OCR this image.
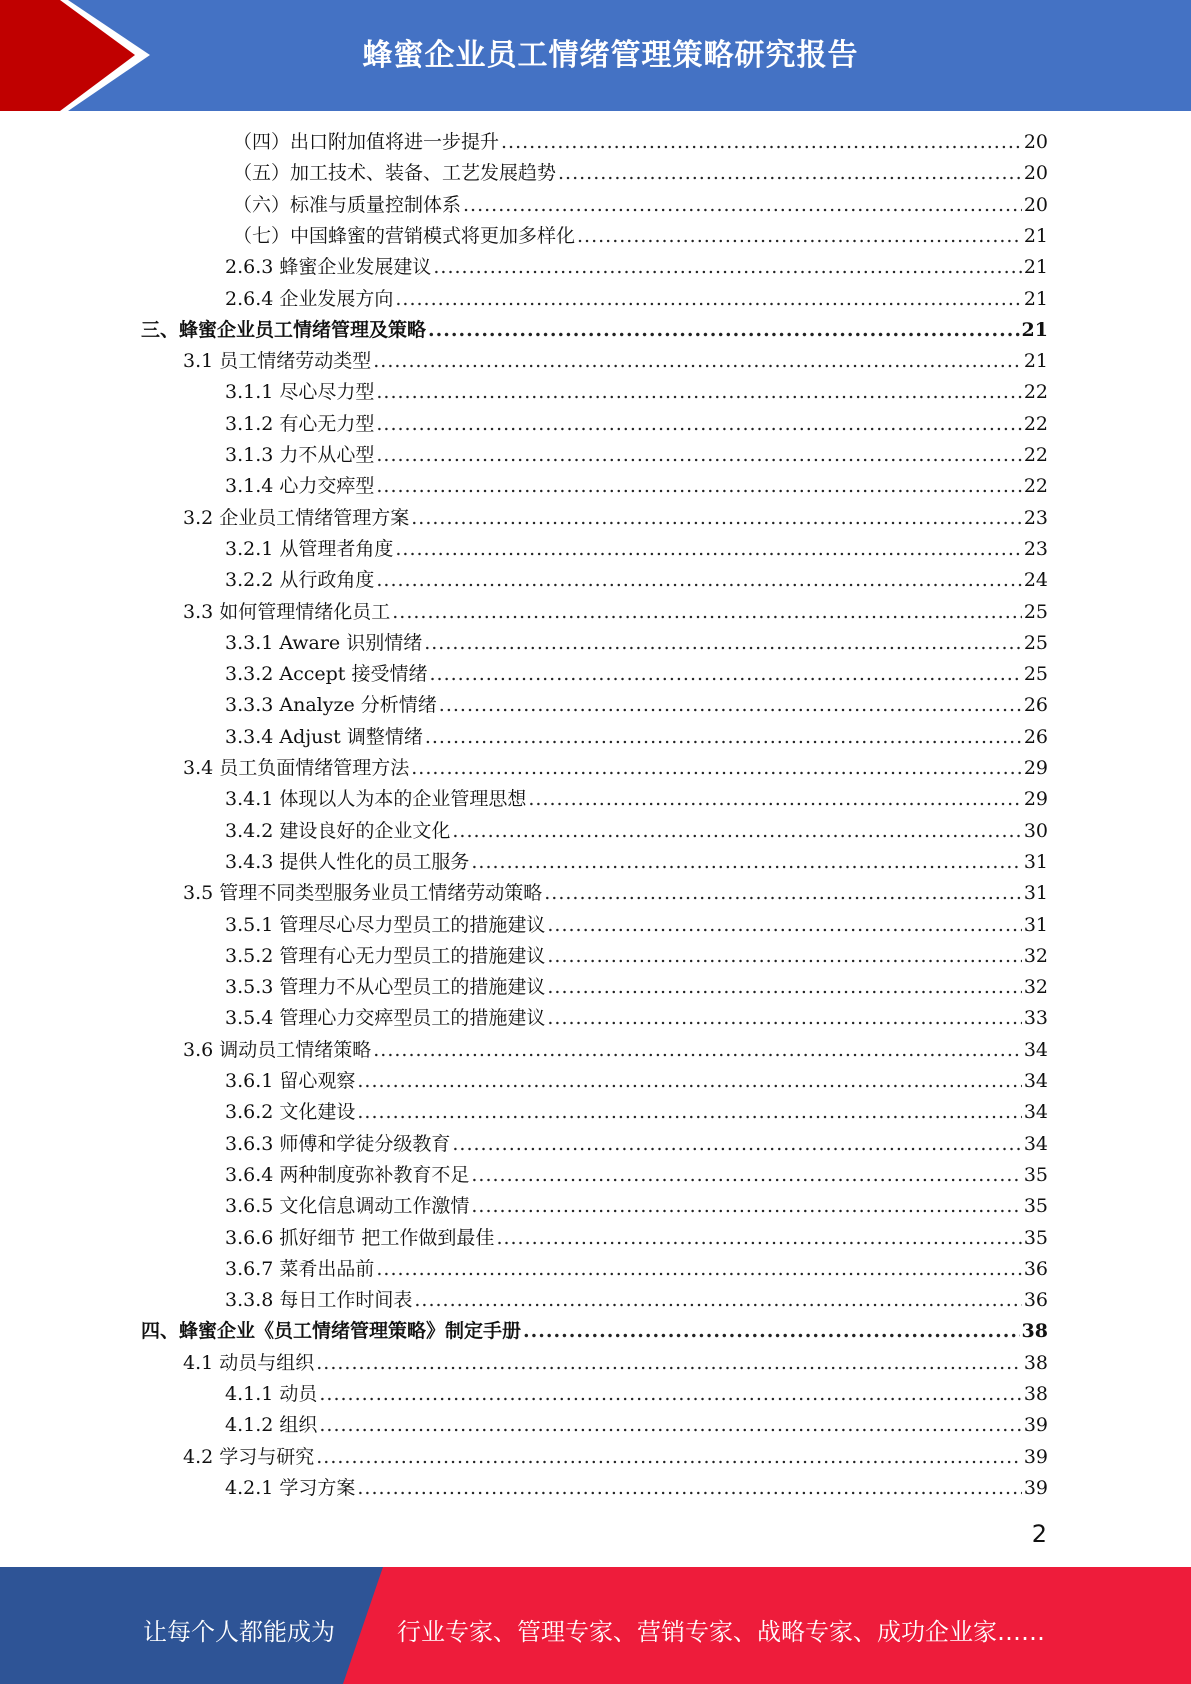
蜂蜜企业员工情绪管理策略研究报告
（四）出口附加值将进一步提升 .....	20
（五）加工技术、装备、工艺发展趋势 .....	20
（六）标准与质量控制体系 .....	20
（七）中国蜂蜜的营销模式将更加多样化 .....	21
2.6.3 蜂蜜企业发展建议 .....	21
2.6.4 企业发展方向 .....	21
三、蜂蜜企业员工情绪管理及策略 .....	21
3.1 员工情绪劳动类型 .....	21
3.1.1 尽心尽力型 .....	22
3.1.2 有心无力型 .....	22
3.1.3 力不从心型 .....	22
3.1.4 心力交瘁型 .....	22
3.2 企业员工情绪管理方案 .....	23
3.2.1 从管理者角度 .....	23
3.2.2 从行政角度 .....	24
3.3 如何管理情绪化员工 .....	25
3.3.1 Aware 识别情绪 .....	25
3.3.2 Accept 接受情绪 .....	25
3.3.3 Analyze 分析情绪 .....	26
3.3.4 Adjust 调整情绪 .....	26
3.4 员工负面情绪管理方法 .....	29
3.4.1 体现以人为本的企业管理思想 .....	29
3.4.2 建设良好的企业文化 .....	30
3.4.3 提供人性化的员工服务 .....	31
3.5 管理不同类型服务业员工情绪劳动策略 .....	31
3.5.1 管理尽心尽力型员工的措施建议 .....	31
3.5.2 管理有心无力型员工的措施建议 .....	32
3.5.3 管理力不从心型员工的措施建议 .....	32
3.5.4 管理心力交瘁型员工的措施建议 .....	33
3.6 调动员工情绪策略 .....	34
3.6.1 留心观察 .....	34
3.6.2 文化建设 .....	34
3.6.3 师傅和学徒分级教育 .....	34
3.6.4 两种制度弥补教育不足 .....	35
3.6.5 文化信息调动工作激情 .....	35
3.6.6 抓好细节 把工作做到最佳 .....	35
3.6.7 菜肴出品前 .....	36
3.3.8 每日工作时间表 .....	36
四、蜂蜜企业《员工情绪管理策略》制定手册 .....	38
4.1 动员与组织 .....	38
4.1.1 动员 .....	38
4.1.2 组织 .....	39
4.2 学习与研究 .....	39
4.2.1 学习方案 .....	39
2
让每个人都能成为	行业专家、管理专家、营销专家、战略专家、成功企业家……
